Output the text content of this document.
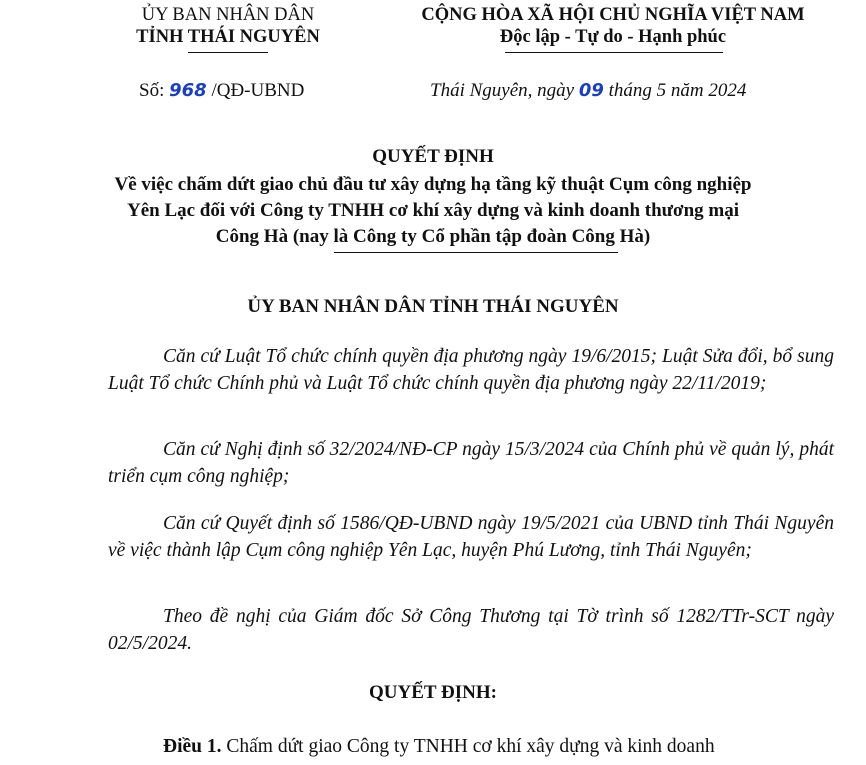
ỦY BAN NHÂN DÂN
TỈNH THÁI NGUYÊN
CỘNG HÒA XÃ HỘI CHỦ NGHĨA VIỆT NAM
Độc lập - Tự do - Hạnh phúc
Số: 968 /QĐ-UBND	Thái Nguyên, ngày 09 tháng 5 năm 2024
QUYẾT ĐỊNH
Về việc chấm dứt giao chủ đầu tư xây dựng hạ tầng kỹ thuật Cụm công nghiệp
Yên Lạc đối với Công ty TNHH cơ khí xây dựng và kinh doanh thương mại
Công Hà (nay là Công ty Cổ phần tập đoàn Công Hà)
ỦY BAN NHÂN DÂN TỈNH THÁI NGUYÊN
Căn cứ Luật Tổ chức chính quyền địa phương ngày 19/6/2015; Luật Sửa đổi, bổ sung Luật Tổ chức Chính phủ và Luật Tổ chức chính quyền địa phương ngày 22/11/2019;
Căn cứ Nghị định số 32/2024/NĐ-CP ngày 15/3/2024 của Chính phủ về quản lý, phát triển cụm công nghiệp;
Căn cứ Quyết định số 1586/QĐ-UBND ngày 19/5/2021 của UBND tỉnh Thái Nguyên về việc thành lập Cụm công nghiệp Yên Lạc, huyện Phú Lương, tỉnh Thái Nguyên;
Theo đề nghị của Giám đốc Sở Công Thương tại Tờ trình số 1282/TTr-SCT ngày 02/5/2024.
QUYẾT ĐỊNH:
Điều 1. Chấm dứt giao Công ty TNHH cơ khí xây dựng và kinh doanh
